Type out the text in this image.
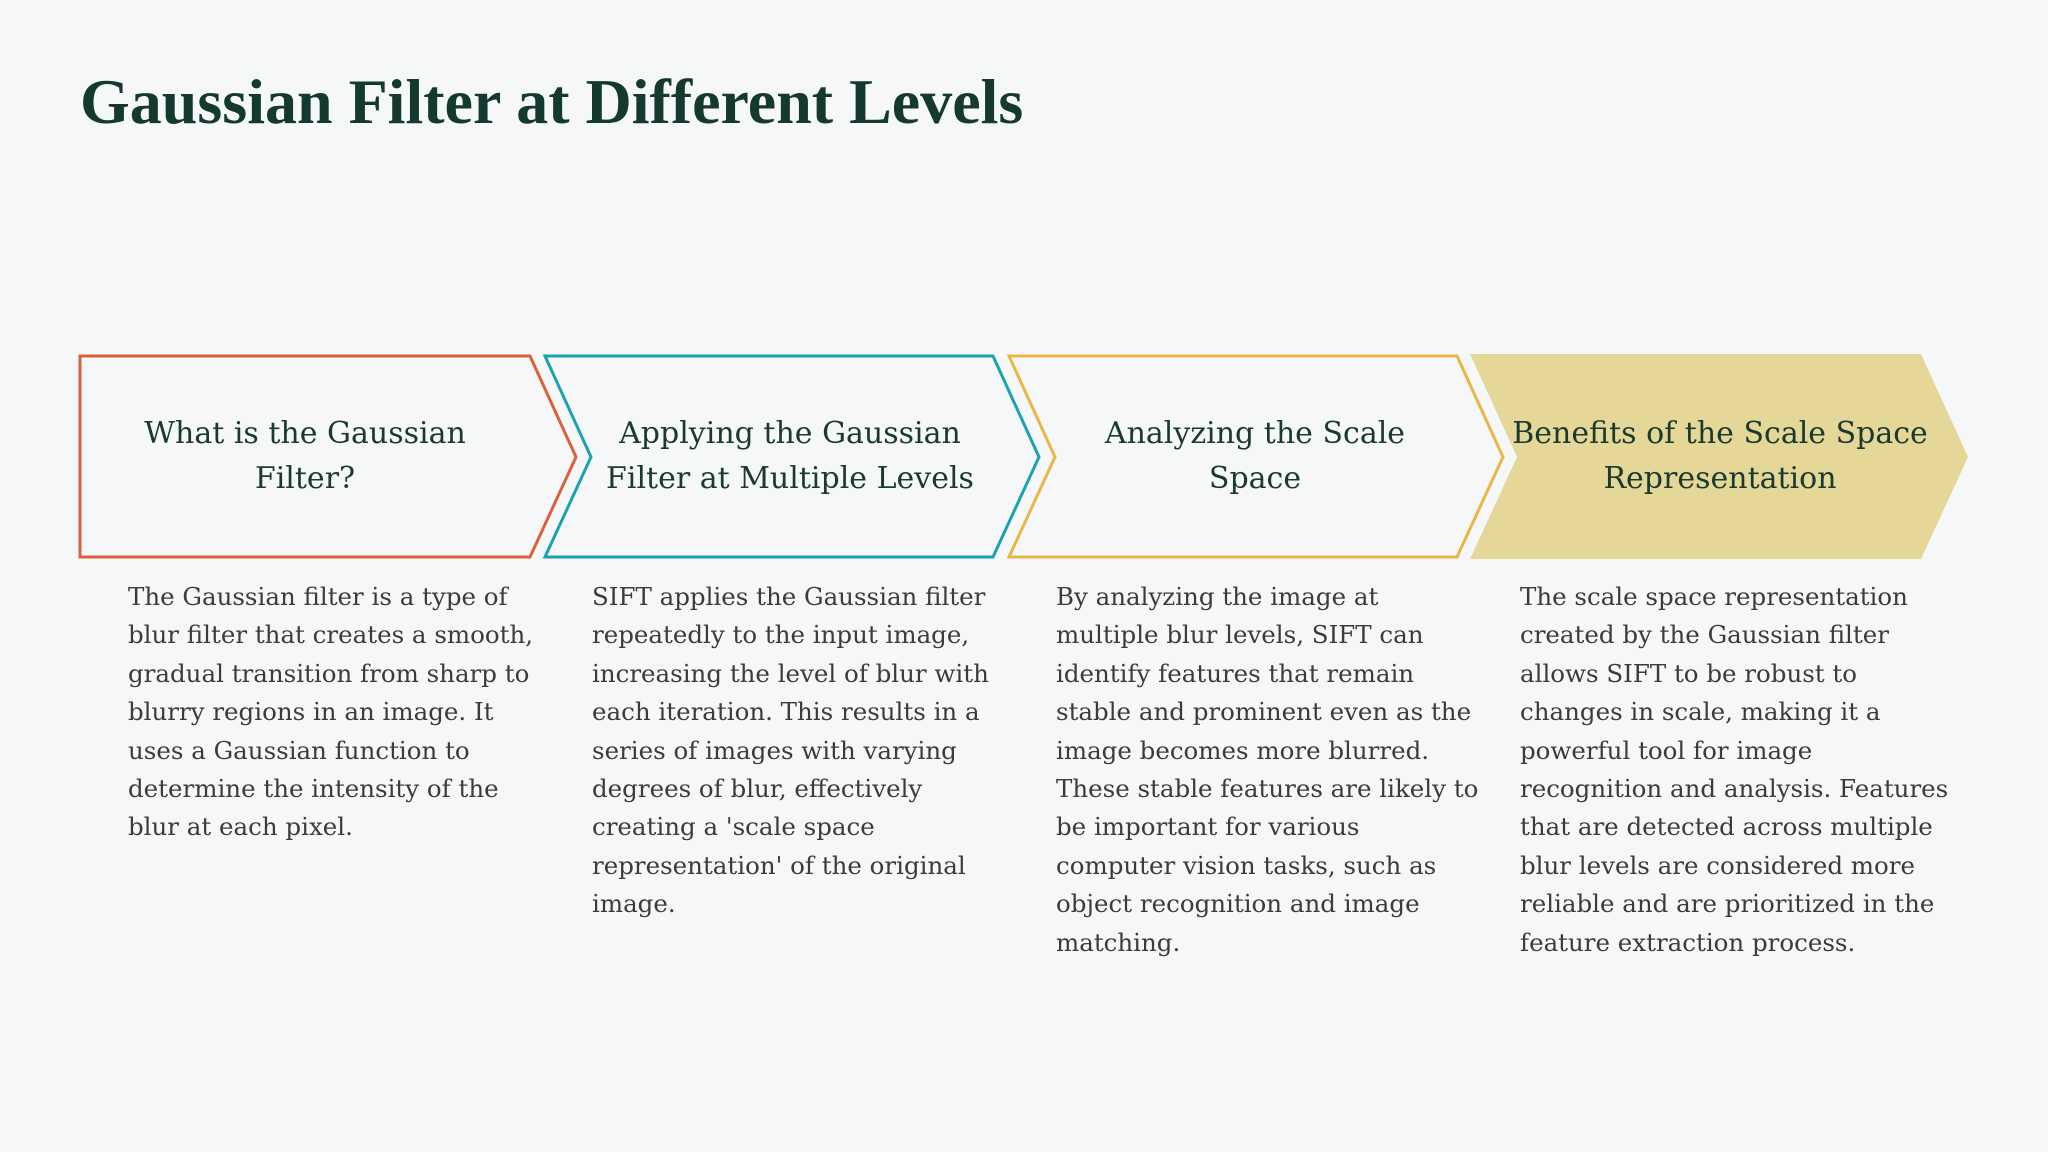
Gaussian Filter at Different Levels
What is the Gaussian Filter?
Applying the Gaussian Filter at Multiple Levels
Analyzing the Scale Space
Benefits of the Scale Space Representation

The Gaussian filter is a type of blur filter that creates a smooth, gradual transition from sharp to blurry regions in an image. It uses a Gaussian function to determine the intensity of the blur at each pixel.

SIFT applies the Gaussian filter repeatedly to the input image, increasing the level of blur with each iteration. This results in a series of images with varying degrees of blur, effectively creating a 'scale space representation' of the original image.

By analyzing the image at multiple blur levels, SIFT can identify features that remain stable and prominent even as the image becomes more blurred. These stable features are likely to be important for various computer vision tasks, such as object recognition and image matching.

The scale space representation created by the Gaussian filter allows SIFT to be robust to changes in scale, making it a powerful tool for image recognition and analysis. Features that are detected across multiple blur levels are considered more reliable and are prioritized in the feature extraction process.
